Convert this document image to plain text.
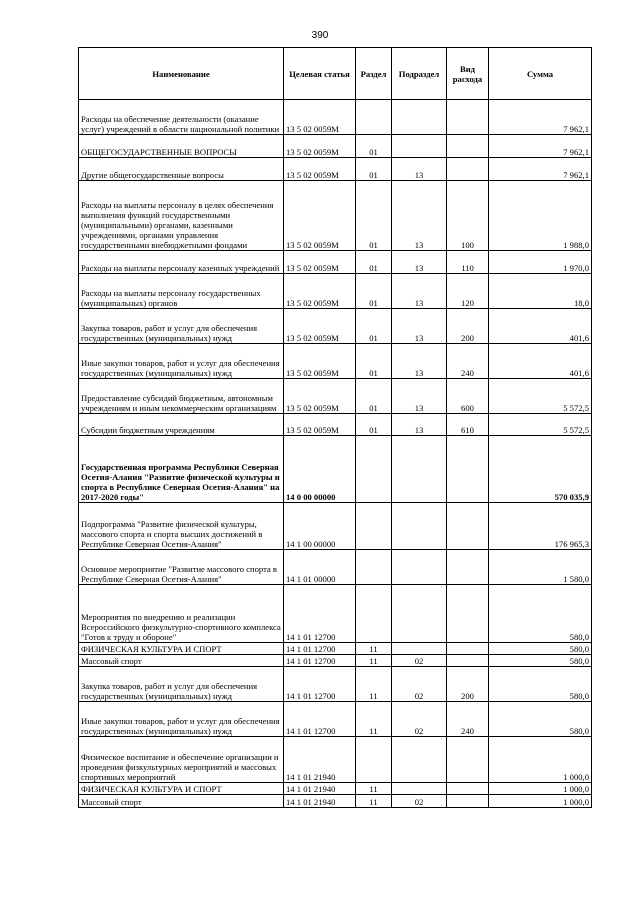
390
Наименование	Целевая статья	Раздел	Подраздел	Вид расхода	Сумма
Расходы на обеспечение деятельности (оказание услуг) учреждений в области национальной политики	13 5 02 0059М				7 962,1
ОБЩЕГОСУДАРСТВЕННЫЕ ВОПРОСЫ	13 5 02 0059М	01			7 962,1
Другие общегосударственные вопросы	13 5 02 0059М	01	13		7 962,1
Расходы на выплаты персоналу в целях обеспечения выполнения функций государственными (муниципальными) органами, казенными учреждениями, органами управления государственными внебюджетными фондами	13 5 02 0059М	01	13	100	1 988,0
Расходы на выплаты персоналу казенных учреждений	13 5 02 0059М	01	13	110	1 970,0
Расходы на выплаты персоналу государственных (муниципальных) органов	13 5 02 0059М	01	13	120	18,0
Закупка товаров, работ и услуг для обеспечения государственных (муниципальных) нужд	13 5 02 0059М	01	13	200	401,6
Иные закупки товаров, работ и услуг для обеспечения государственных (муниципальных) нужд	13 5 02 0059М	01	13	240	401,6
Предоставление субсидий бюджетным, автономным учреждениям и иным некоммерческим организациям	13 5 02 0059М	01	13	600	5 572,5
Субсидии бюджетным учреждениям	13 5 02 0059М	01	13	610	5 572,5
Государственная программа Республики Северная Осетия-Алания "Развитие физической культуры и спорта в Республике Северная Осетия-Алания" на 2017-2020 годы"	14 0 00 00000				570 035,9
Подпрограмма "Развитие физической культуры, массового спорта и спорта высших достижений в Республике Северная Осетия-Алания"	14 1 00 00000				176 965,3
Основное мероприятие "Развитие массового спорта в Республике Северная Осетия-Алания"	14 1 01 00000				1 580,0
Мероприятия по внедрению и реализации Всероссийского физкультурно-спортивного комплекса "Готов к труду и обороне"	14 1 01 12700				580,0
ФИЗИЧЕСКАЯ КУЛЬТУРА И СПОРТ	14 1 01 12700	11			580,0
Массовый спорт	14 1 01 12700	11	02		580,0
Закупка товаров, работ и услуг для обеспечения государственных (муниципальных) нужд	14 1 01 12700	11	02	200	580,0
Иные закупки товаров, работ и услуг для обеспечения государственных (муниципальных) нужд	14 1 01 12700	11	02	240	580,0
Физическое воспитание и обеспечение организации и проведения физкультурных мероприятий и массовых спортивных мероприятий	14 1 01 21940				1 000,0
ФИЗИЧЕСКАЯ КУЛЬТУРА И СПОРТ	14 1 01 21940	11			1 000,0
Массовый спорт	14 1 01 21940	11	02		1 000,0
